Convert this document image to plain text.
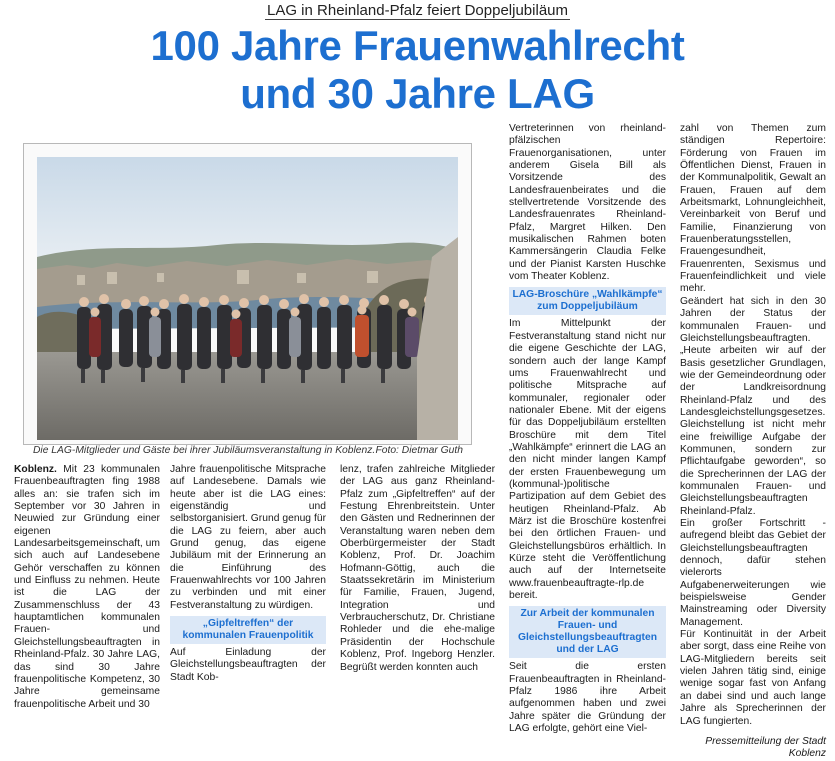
LAG in Rheinland-Pfalz feiert Doppeljubiläum
100 Jahre Frauenwahlrecht
und 30 Jahre LAG
Die LAG-Mitglieder und Gäste bei ihrer Jubiläumsveranstaltung in Koblenz. Foto: Dietmar Guth

Koblenz. Mit 23 kommunalen Frauenbeauftragten fing 1988 alles an: sie trafen sich im September vor 30 Jahren in Neuwied zur Gründung einer eigenen Landesarbeitsgemeinschaft, um sich auch auf Landesebene Gehör verschaffen zu können und Einfluss zu nehmen. Heute ist die LAG der Zusammenschluss der 43 hauptamtlichen kommunalen Frauen- und Gleichstellungsbeauftragten in Rheinland-Pfalz. 30 Jahre LAG, das sind 30 Jahre frauenpolitische Kompetenz, 30 Jahre gemeinsame frauenpolitische Arbeit und 30

Jahre frauenpolitische Mitsprache auf Landesebene. Damals wie heute aber ist die LAG eines: eigenständig und selbstorganisiert. Grund genug für die LAG zu feiern, aber auch Grund genug, das eigene Jubiläum mit der Erinnerung an die Einführung des Frauenwahlrechts vor 100 Jahren zu verbinden und mit einer Festveranstaltung zu würdigen.

„Gipfeltreffen“ der kommunalen Frauenpolitik

Auf Einladung der Gleichstellungsbeauftragten der Stadt Kob-

lenz, trafen zahlreiche Mitglieder der LAG aus ganz Rheinland-Pfalz zum „Gipfeltreffen“ auf der Festung Ehrenbreitstein. Unter den Gästen und Rednerinnen der Veranstaltung waren neben dem Oberbürgermeister der Stadt Koblenz, Prof. Dr. Joachim Hofmann-Göttig, auch die Staatssekretärin im Ministerium für Familie, Frauen, Jugend, Integration und Verbraucherschutz, Dr. Christiane Rohleder und die ehe-malige Präsidentin der Hochschule Koblenz, Prof. Ingeborg Henzler. Begrüßt werden konnten auch

Vertreterinnen von rheinland-pfälzischen Frauenorganisationen, unter anderem Gisela Bill als Vorsitzende des Landesfrauenbeirates und die stellvertretende Vorsitzende des Landesfrauenrates Rheinland-Pfalz, Margret Hilken. Den musikalischen Rahmen boten Kammersängerin Claudia Felke und der Pianist Karsten Huschke vom Theater Koblenz.

LAG-Broschüre „Wahlkämpfe“ zum Doppeljubiläum

Im Mittelpunkt der Festveranstaltung stand nicht nur die eigene Geschichte der LAG, sondern auch der lange Kampf ums Frauenwahlrecht und politische Mitsprache auf kommunaler, regionaler oder nationaler Ebene. Mit der eigens für das Doppeljubiläum erstellten Broschüre mit dem Titel „Wahlkämpfe“ erinnert die LAG an den nicht minder langen Kampf der ersten Frauenbewegung um (kommunal-)politische Partizipation auf dem Gebiet des heutigen Rheinland-Pfalz. Ab März ist die Broschüre kostenfrei bei den örtlichen Frauen- und Gleichstellungsbüros erhältlich. In Kürze steht die Veröffentlichung auch auf der Internetseite www.frauenbeauftragte-rlp.de bereit.

Zur Arbeit der kommunalen Frauen- und Gleichstellungsbeauftragten und der LAG

Seit die ersten Frauenbeauftragten in Rheinland-Pfalz 1986 ihre Arbeit aufgenommen haben und zwei Jahre später die Gründung der LAG erfolgte, gehört eine Viel-

zahl von Themen zum ständigen Repertoire: Förderung von Frauen im Öffentlichen Dienst, Frauen in der Kommunalpolitik, Gewalt an Frauen, Frauen auf dem Arbeitsmarkt, Lohnungleichheit, Vereinbarkeit von Beruf und Familie, Finanzierung von Frauenberatungsstellen, Frauengesundheit, Frauenrenten, Sexismus und Frauenfeindlichkeit und viele mehr.

Geändert hat sich in den 30 Jahren der Status der kommunalen Frauen- und Gleichstellungsbeauftragten. „Heute arbeiten wir auf der Basis gesetzlicher Grundlagen, wie der Gemeindeordnung oder der Landkreisordnung Rheinland-Pfalz und des Landesgleichstellungsgesetzes. Gleichstellung ist nicht mehr eine freiwillige Aufgabe der Kommunen, sondern zur Pflichtaufgabe geworden“, so die Sprecherinnen der LAG der kommunalen Frauen- und Gleichstellungsbeauftragten Rheinland-Pfalz.

Ein großer Fortschritt - aufregend bleibt das Gebiet der Gleichstellungsbeauftragten dennoch, dafür stehen vielerorts Aufgabenerweiterungen wie beispielsweise Gender Mainstreaming oder Diversity Management.

Für Kontinuität in der Arbeit aber sorgt, dass eine Reihe von LAG-Mitgliedern bereits seit vielen Jahren tätig sind, einige wenige sogar fast von Anfang an dabei sind und auch lange Jahre als Sprecherinnen der LAG fungierten.

Pressemitteilung der Stadt Koblenz
